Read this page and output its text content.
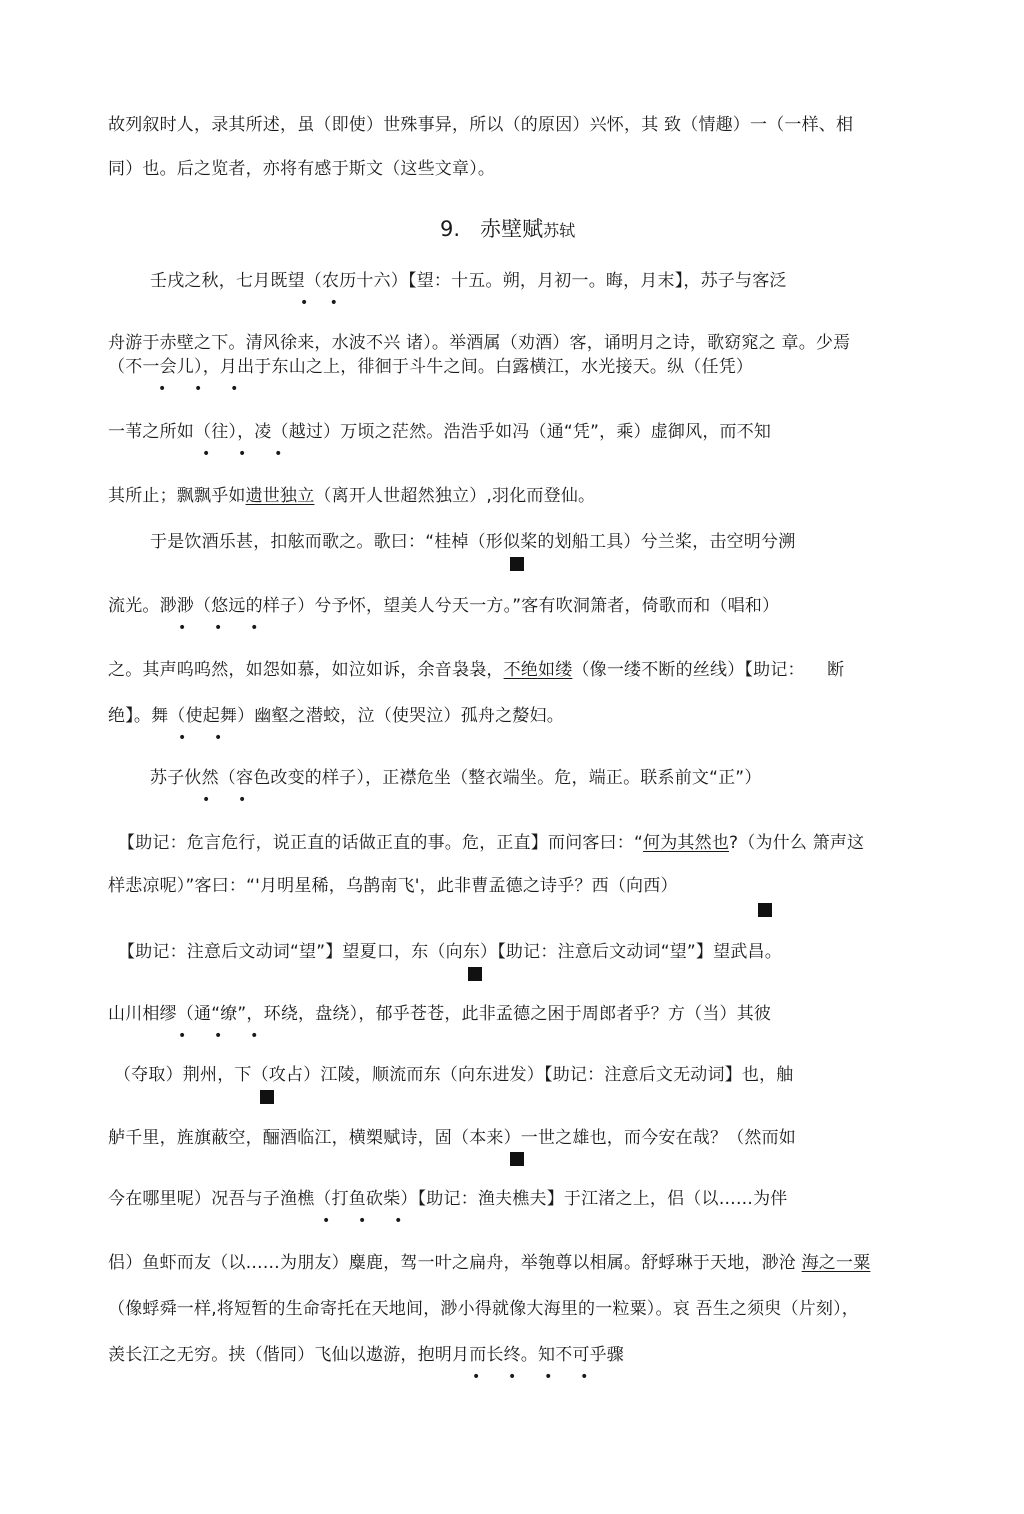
故列叙时人，录其所述，虽（即使）世殊事异，所以（的原因）兴怀，其 致（情趣）一（一样、相
同）也。后之览者，亦将有感于斯文（这些文章）。
9. 赤壁赋苏轼
壬戌之秋，七月既望（农历十六）【望：十五。朔，月初一。晦，月末】，苏子与客泛
•   •
舟游于赤壁之下。清风徐来，水波不兴 诸）。举酒属（劝酒）客，诵明月之诗，歌窈窕之 章。少焉
（不一会儿），月出于东山之上，徘徊于斗牛之间。白露横江，水光接天。纵（任凭）
•    •    •
一苇之所如（往），凌（越过）万顷之茫然。浩浩乎如冯（通“凭”，乘）虚御风，而不知
•    •    •
其所止；飘飘乎如遗世独立（离开人世超然独立）,羽化而登仙。
于是饮酒乐甚，扣舷而歌之。歌曰：“桂棹（形似桨的划船工具）兮兰桨，击空明兮溯
流光。渺渺（悠远的样子）兮予怀，望美人兮天一方。”客有吹洞箫者，倚歌而和（唱和）
•    •    •
之。其声呜呜然，如怨如慕，如泣如诉，余音袅袅，不绝如缕（像一缕不断的丝线）【助记：    断
绝】。舞（使起舞）幽壑之潜蛟，泣（使哭泣）孤舟之嫠妇。
•    •
苏子伙然（容色改变的样子），正襟危坐（整衣端坐。危，端正。联系前文“正”）
•    •
【助记：危言危行，说正直的话做正直的事。危，正直】而问客曰：“何为其然也?（为什么 箫声这
样悲凉呢）”客曰：“'月明星稀，乌鹊南飞'，此非曹孟德之诗乎？西（向西）
【助记：注意后文动词“望”】望夏口，东（向东）【助记：注意后文动词“望”】望武昌。
山川相缪（通“缭”，环绕，盘绕），郁乎苍苍，此非孟德之困于周郎者乎？方（当）其彼
•    •    •
（夺取）荆州，下（攻占）江陵，顺流而东（向东进发）【助记：注意后文无动词】也，舳
舻千里，旌旗蔽空，酾酒临江，横槊赋诗，固（本来）一世之雄也，而今安在哉？（然而如
今在哪里呢）况吾与子渔樵（打鱼砍柴）【助记：渔夫樵夫】于江渚之上，侣（以……为伴
•    •    •
侣）鱼虾而友（以……为朋友）麋鹿，驾一叶之扁舟，举匏尊以相属。舒蜉琳于天地，渺沧 海之一粟
（像蜉舜一样,将短暂的生命寄托在天地间，渺小得就像大海里的一粒粟）。哀 吾生之须臾（片刻），
羡长江之无穷。挟（偕同）飞仙以遨游，抱明月而长终。知不可乎骤
•    •    •    •
